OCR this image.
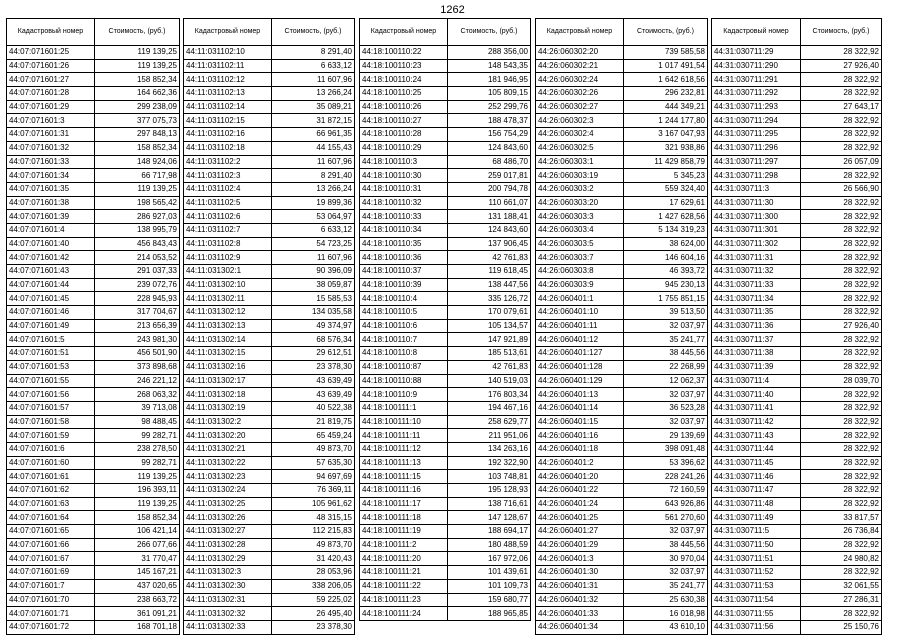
1262
Кадастровый номер	Стоимость, (руб.)
44:07:071601:25	119 139,25
44:07:071601:26	119 139,25
44:07:071601:27	158 852,34
44:07:071601:28	164 662,36
44:07:071601:29	299 238,09
44:07:071601:3	377 075,73
44:07:071601:31	297 848,13
44:07:071601:32	158 852,34
44:07:071601:33	148 924,06
44:07:071601:34	66 717,98
44:07:071601:35	119 139,25
44:07:071601:38	198 565,42
44:07:071601:39	286 927,03
44:07:071601:4	138 995,79
44:07:071601:40	456 843,43
44:07:071601:42	214 053,52
44:07:071601:43	291 037,33
44:07:071601:44	239 072,76
44:07:071601:45	228 945,93
44:07:071601:46	317 704,67
44:07:071601:49	213 656,39
44:07:071601:5	243 981,30
44:07:071601:51	456 501,90
44:07:071601:53	373 898,68
44:07:071601:55	246 221,12
44:07:071601:56	268 063,32
44:07:071601:57	39 713,08
44:07:071601:58	98 488,45
44:07:071601:59	99 282,71
44:07:071601:6	238 278,50
44:07:071601:60	99 282,71
44:07:071601:61	119 139,25
44:07:071601:62	196 393,11
44:07:071601:63	119 139,25
44:07:071601:64	158 852,34
44:07:071601:65	106 421,14
44:07:071601:66	266 077,66
44:07:071601:67	31 770,47
44:07:071601:69	145 167,21
44:07:071601:7	437 020,65
44:07:071601:70	238 663,72
44:07:071601:71	361 091,21
44:07:071601:72	168 701,18
Кадастровый номер	Стоимость, (руб.)
44:11:031102:10	8 291,40
44:11:031102:11	6 633,12
44:11:031102:12	11 607,96
44:11:031102:13	13 266,24
44:11:031102:14	35 089,21
44:11:031102:15	31 872,15
44:11:031102:16	66 961,35
44:11:031102:18	44 155,43
44:11:031102:2	11 607,96
44:11:031102:3	8 291,40
44:11:031102:4	13 266,24
44:11:031102:5	19 899,36
44:11:031102:6	53 064,97
44:11:031102:7	6 633,12
44:11:031102:8	54 723,25
44:11:031102:9	11 607,96
44:11:031302:1	90 396,09
44:11:031302:10	38 059,87
44:11:031302:11	15 585,53
44:11:031302:12	134 035,58
44:11:031302:13	49 374,97
44:11:031302:14	68 576,34
44:11:031302:15	29 612,51
44:11:031302:16	23 378,30
44:11:031302:17	43 639,49
44:11:031302:18	43 639,49
44:11:031302:19	40 522,38
44:11:031302:2	21 819,75
44:11:031302:20	65 459,24
44:11:031302:21	49 873,70
44:11:031302:22	57 635,30
44:11:031302:23	94 697,69
44:11:031302:24	76 369,11
44:11:031302:25	105 961,62
44:11:031302:26	48 315,15
44:11:031302:27	112 215,83
44:11:031302:28	49 873,70
44:11:031302:29	31 420,43
44:11:031302:3	28 053,96
44:11:031302:30	338 206,05
44:11:031302:31	59 225,02
44:11:031302:32	26 495,40
44:11:031302:33	23 378,30
Кадастровый номер	Стоимость, (руб.)
44:18:100110:22	288 356,00
44:18:100110:23	148 543,35
44:18:100110:24	181 946,95
44:18:100110:25	105 809,15
44:18:100110:26	252 299,76
44:18:100110:27	188 478,37
44:18:100110:28	156 754,29
44:18:100110:29	124 843,60
44:18:100110:3	68 486,70
44:18:100110:30	259 017,81
44:18:100110:31	200 794,78
44:18:100110:32	110 661,07
44:18:100110:33	131 188,41
44:18:100110:34	124 843,60
44:18:100110:35	137 906,45
44:18:100110:36	42 761,83
44:18:100110:37	119 618,45
44:18:100110:39	138 447,56
44:18:100110:4	335 126,72
44:18:100110:5	170 079,61
44:18:100110:6	105 134,57
44:18:100110:7	147 921,89
44:18:100110:8	185 513,61
44:18:100110:87	42 761,83
44:18:100110:88	140 519,03
44:18:100110:9	176 803,34
44:18:100111:1	194 467,16
44:18:100111:10	258 629,77
44:18:100111:11	211 951,06
44:18:100111:12	134 263,16
44:18:100111:13	192 322,90
44:18:100111:15	103 748,81
44:18:100111:16	195 128,93
44:18:100111:17	138 716,61
44:18:100111:18	147 128,67
44:18:100111:19	188 694,17
44:18:100111:2	180 488,59
44:18:100111:20	167 972,06
44:18:100111:21	101 439,61
44:18:100111:22	101 109,73
44:18:100111:23	159 680,77
44:18:100111:24	188 965,85
Кадастровый номер	Стоимость, (руб.)
44:26:060302:20	739 585,58
44:26:060302:21	1 017 491,54
44:26:060302:24	1 642 618,56
44:26:060302:26	296 232,81
44:26:060302:27	444 349,21
44:26:060302:3	1 244 177,80
44:26:060302:4	3 167 047,93
44:26:060302:5	321 938,86
44:26:060303:1	11 429 858,79
44:26:060303:19	5 345,23
44:26:060303:2	559 324,40
44:26:060303:20	17 629,61
44:26:060303:3	1 427 628,56
44:26:060303:4	5 134 319,23
44:26:060303:5	38 624,00
44:26:060303:7	146 604,16
44:26:060303:8	46 393,72
44:26:060303:9	945 230,13
44:26:060401:1	1 755 851,15
44:26:060401:10	39 513,50
44:26:060401:11	32 037,97
44:26:060401:12	35 241,77
44:26:060401:127	38 445,56
44:26:060401:128	22 268,99
44:26:060401:129	12 062,37
44:26:060401:13	32 037,97
44:26:060401:14	36 523,28
44:26:060401:15	32 037,97
44:26:060401:16	29 139,69
44:26:060401:18	398 091,48
44:26:060401:2	53 396,62
44:26:060401:20	228 241,26
44:26:060401:22	72 160,59
44:26:060401:24	643 926,86
44:26:060401:25	561 270,60
44:26:060401:27	32 037,97
44:26:060401:29	38 445,56
44:26:060401:3	30 970,04
44:26:060401:30	32 037,97
44:26:060401:31	35 241,77
44:26:060401:32	25 630,38
44:26:060401:33	16 018,98
44:26:060401:34	43 610,10
Кадастровый номер	Стоимость, (руб.)
44:31:030711:29	28 322,92
44:31:030711:290	27 926,40
44:31:030711:291	28 322,92
44:31:030711:292	28 322,92
44:31:030711:293	27 643,17
44:31:030711:294	28 322,92
44:31:030711:295	28 322,92
44:31:030711:296	28 322,92
44:31:030711:297	26 057,09
44:31:030711:298	28 322,92
44:31:030711:3	26 566,90
44:31:030711:30	28 322,92
44:31:030711:300	28 322,92
44:31:030711:301	28 322,92
44:31:030711:302	28 322,92
44:31:030711:31	28 322,92
44:31:030711:32	28 322,92
44:31:030711:33	28 322,92
44:31:030711:34	28 322,92
44:31:030711:35	28 322,92
44:31:030711:36	27 926,40
44:31:030711:37	28 322,92
44:31:030711:38	28 322,92
44:31:030711:39	28 322,92
44:31:030711:4	28 039,70
44:31:030711:40	28 322,92
44:31:030711:41	28 322,92
44:31:030711:42	28 322,92
44:31:030711:43	28 322,92
44:31:030711:44	28 322,92
44:31:030711:45	28 322,92
44:31:030711:46	28 322,92
44:31:030711:47	28 322,92
44:31:030711:48	28 322,92
44:31:030711:49	33 817,57
44:31:030711:5	26 736,84
44:31:030711:50	28 322,92
44:31:030711:51	24 980,82
44:31:030711:52	28 322,92
44:31:030711:53	32 061,55
44:31:030711:54	27 286,31
44:31:030711:55	28 322,92
44:31:030711:56	25 150,76
